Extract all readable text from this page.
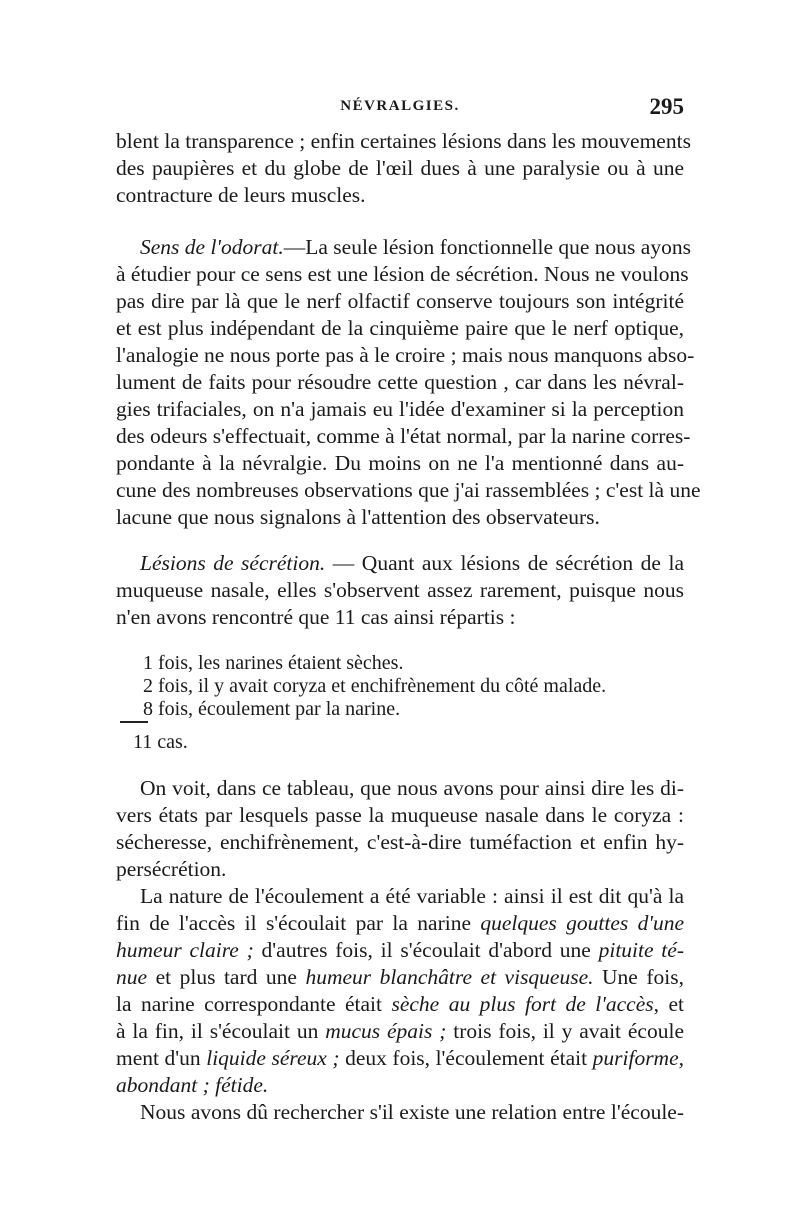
NÉVRALGIES.	295
blent la transparence ; enfin certaines lésions dans les mouvements
des paupières et du globe de l'œil dues à une paralysie ou à une
contracture de leurs muscles.
Sens de l'odorat.—La seule lésion fonctionnelle que nous ayons
à étudier pour ce sens est une lésion de sécrétion. Nous ne voulons
pas dire par là que le nerf olfactif conserve toujours son intégrité
et est plus indépendant de la cinquième paire que le nerf optique,
l'analogie ne nous porte pas à le croire ; mais nous manquons abso-
lument de faits pour résoudre cette question , car dans les névral-
gies trifaciales, on n'a jamais eu l'idée d'examiner si la perception
des odeurs s'effectuait, comme à l'état normal, par la narine corres-
pondante à la névralgie. Du moins on ne l'a mentionné dans au-
cune des nombreuses observations que j'ai rassemblées ; c'est là une
lacune que nous signalons à l'attention des observateurs.
Lésions de sécrétion. — Quant aux lésions de sécrétion de la
muqueuse nasale, elles s'observent assez rarement, puisque nous
n'en avons rencontré que 11 cas ainsi répartis :
1 fois, les narines étaient sèches.
2 fois, il y avait coryza et enchifrènement du côté malade.
8 fois, écoulement par la narine.
11 cas.
On voit, dans ce tableau, que nous avons pour ainsi dire les di-
vers états par lesquels passe la muqueuse nasale dans le coryza :
sécheresse, enchifrènement, c'est-à-dire tuméfaction et enfin hy-
persécrétion.
La nature de l'écoulement a été variable : ainsi il est dit qu'à la
fin de l'accès il s'écoulait par la narine quelques gouttes d'une
humeur claire ; d'autres fois, il s'écoulait d'abord une pituite té-
nue et plus tard une humeur blanchâtre et visqueuse. Une fois,
la narine correspondante était sèche au plus fort de l'accès, et
à la fin, il s'écoulait un mucus épais ; trois fois, il y avait écoule
ment d'un liquide séreux ; deux fois, l'écoulement était puriforme,
abondant ; fétide.
Nous avons dû rechercher s'il existe une relation entre l'écoule-
